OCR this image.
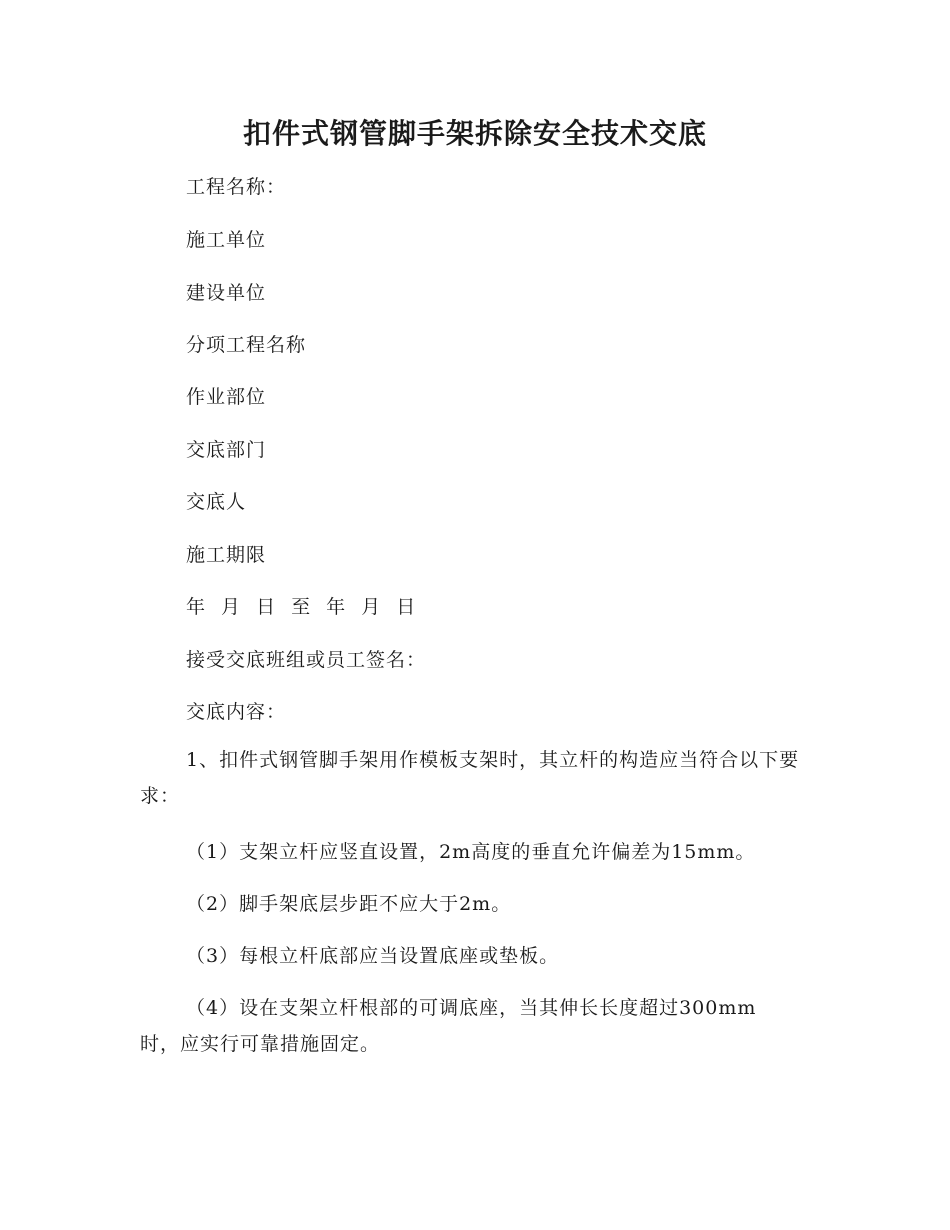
扣件式钢管脚手架拆除安全技术交底
工程名称：
施工单位
建设单位
分项工程名称
作业部位
交底部门
交底人
施工期限
年 月 日 至 年 月 日
接受交底班组或员工签名：
交底内容：
1、扣件式钢管脚手架用作模板支架时，其立杆的构造应当符合以下要求：
（1）支架立杆应竖直设置，2m高度的垂直允许偏差为15mm。
（2）脚手架底层步距不应大于2m。
（3）每根立杆底部应当设置底座或垫板。
（4）设在支架立杆根部的可调底座，当其伸长长度超过300mm时，应实行可靠措施固定。
